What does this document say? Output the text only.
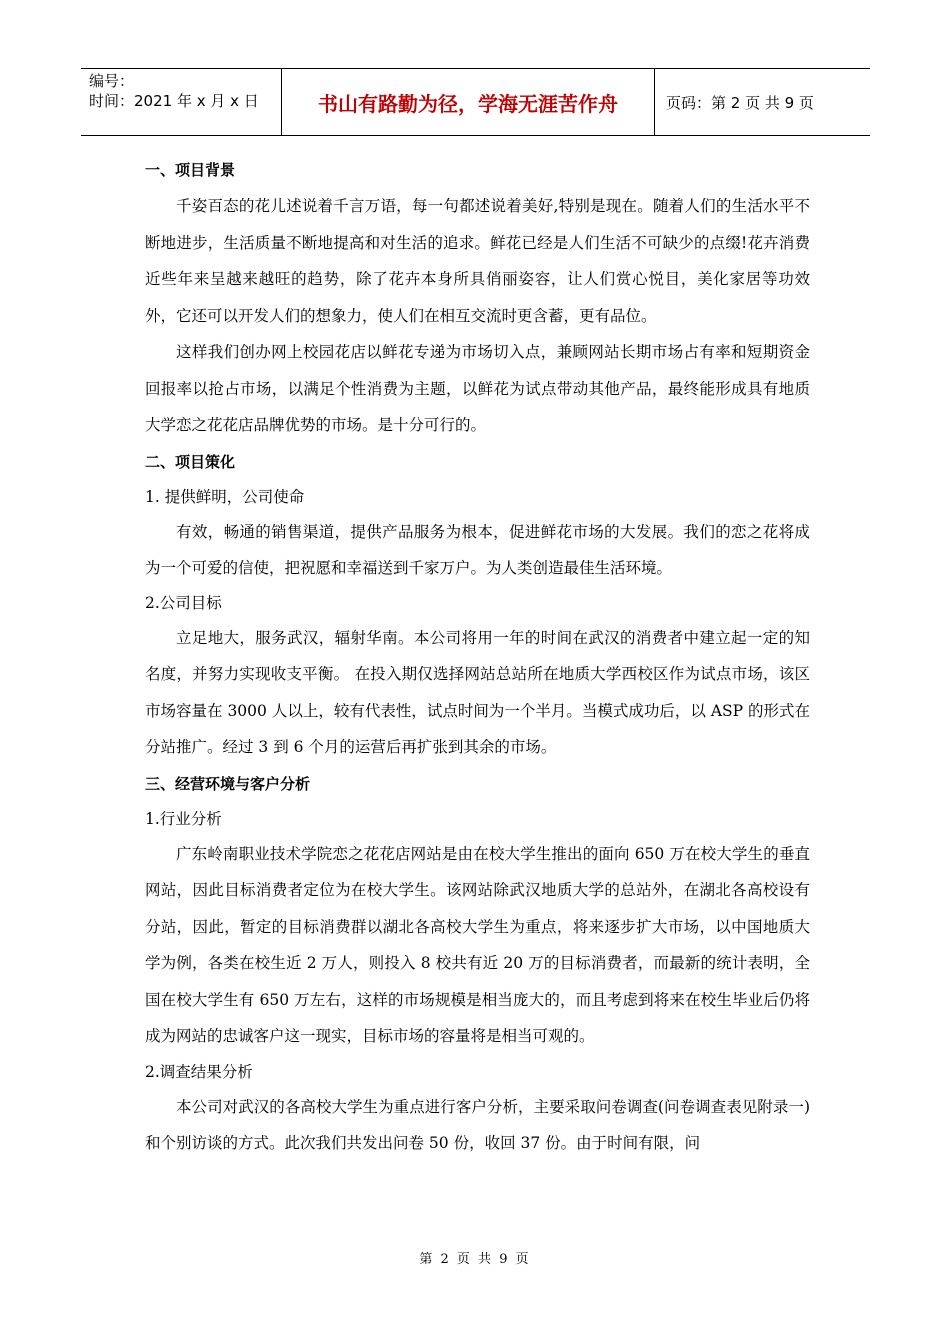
编号：
时间：2021 年 x 月 x 日	书山有路勤为径，学海无涯苦作舟	页码：第 2 页 共 9 页
一、项目背景

千姿百态的花儿述说着千言万语，每一句都述说着美好,特别是现在。随着人们的生活水平不断地进步，生活质量不断地提高和对生活的追求。鲜花已经是人们生活不可缺少的点缀!花卉消费近些年来呈越来越旺的趋势，除了花卉本身所具俏丽姿容，让人们赏心悦目，美化家居等功效外，它还可以开发人们的想象力，使人们在相互交流时更含蓄，更有品位。

这样我们创办网上校园花店以鲜花专递为市场切入点，兼顾网站长期市场占有率和短期资金回报率以抢占市场，以满足个性消费为主题，以鲜花为试点带动其他产品，最终能形成具有地质大学恋之花花店品牌优势的市场。是十分可行的。

二、项目策化
1. 提供鲜明，公司使命

有效，畅通的销售渠道，提供产品服务为根本，促进鲜花市场的大发展。我们的恋之花将成为一个可爱的信使，把祝愿和幸福送到千家万户。为人类创造最佳生活环境。

2.公司目标

立足地大，服务武汉，辐射华南。本公司将用一年的时间在武汉的消费者中建立起一定的知名度，并努力实现收支平衡。 在投入期仅选择网站总站所在地质大学西校区作为试点市场，该区市场容量在 3000 人以上，较有代表性，试点时间为一个半月。当模式成功后，以 ASP 的形式在分站推广。经过 3 到 6 个月的运营后再扩张到其余的市场。

三、经营环境与客户分析
1.行业分析

广东岭南职业技术学院恋之花花店网站是由在校大学生推出的面向 650 万在校大学生的垂直网站，因此目标消费者定位为在校大学生。该网站除武汉地质大学的总站外，在湖北各高校设有分站，因此，暂定的目标消费群以湖北各高校大学生为重点，将来逐步扩大市场，以中国地质大学为例，各类在校生近 2 万人，则投入 8 校共有近 20 万的目标消费者，而最新的统计表明，全国在校大学生有 650 万左右，这样的市场规模是相当庞大的，而且考虑到将来在校生毕业后仍将成为网站的忠诚客户这一现实，目标市场的容量将是相当可观的。

2.调查结果分析

本公司对武汉的各高校大学生为重点进行客户分析，主要采取问卷调查(问卷调查表见附录一)和个别访谈的方式。此次我们共发出问卷 50 份，收回 37 份。由于时间有限，问

第 2 页 共 9 页
